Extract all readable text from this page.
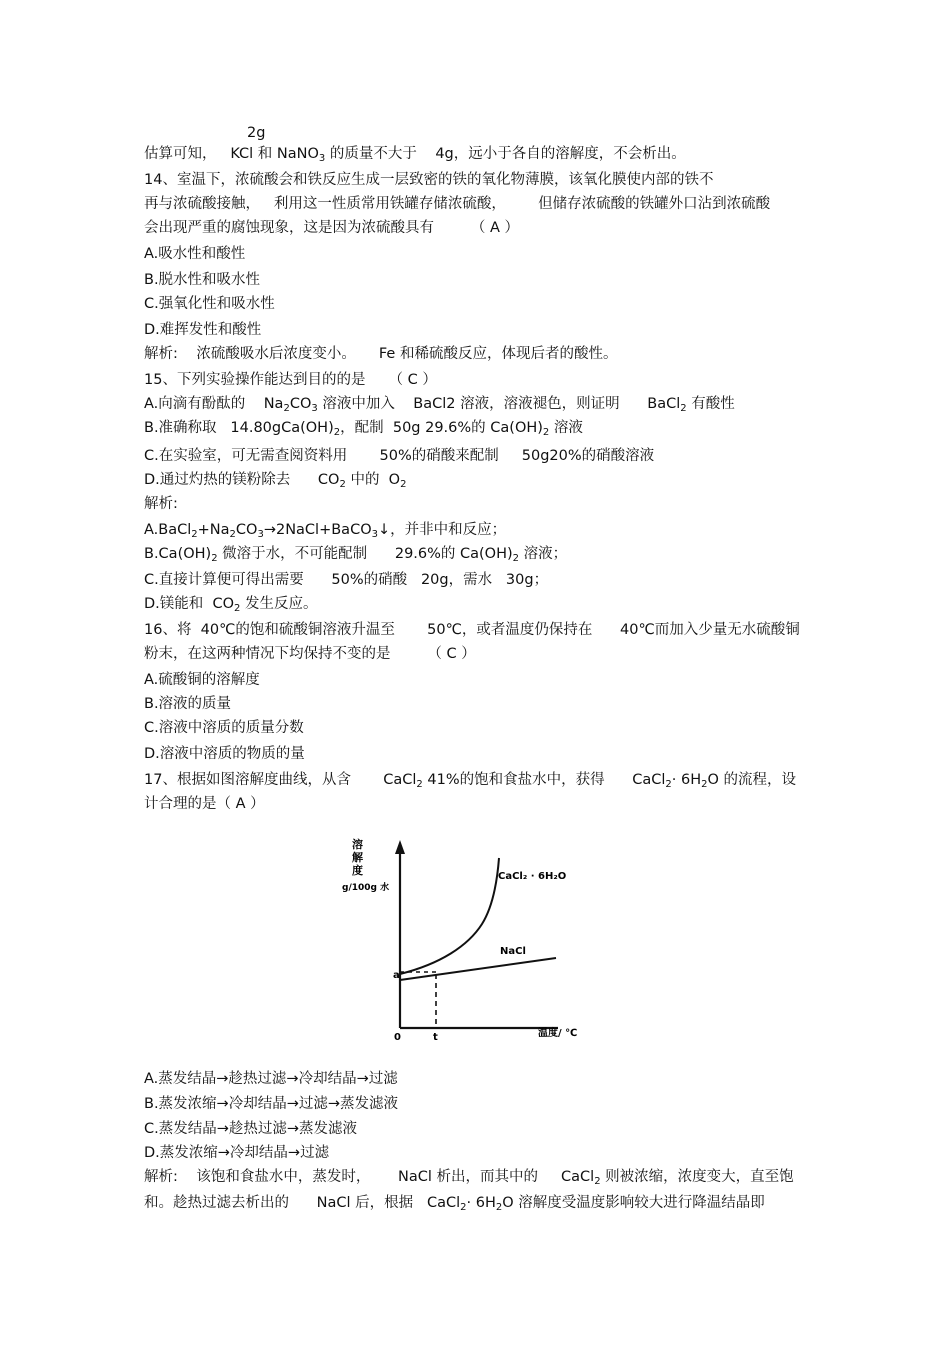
2g
估算可知，   KCl 和 NaNO$_3$ 的质量不大于    4g，远小于各自的溶解度，不会析出。
14、室温下，浓硫酸会和铁反应生成一层致密的铁的氧化物薄膜，该氧化膜使内部的铁不
再与浓硫酸接触，   利用这一性质常用铁罐存储浓硫酸，       但储存浓硫酸的铁罐外口沾到浓硫酸
会出现严重的腐蚀现象，这是因为浓硫酸具有        （ A ）
A.吸水性和酸性
B.脱水性和吸水性
C.强氧化性和吸水性
D.难挥发性和酸性
解析:    浓硫酸吸水后浓度变小。     Fe 和稀硫酸反应，体现后者的酸性。
15、下列实验操作能达到目的的是     （ C ）
A.向滴有酚酞的    $Na_2CO_3$ 溶液中加入    BaCl2 溶液，溶液褪色，则证明      BaCl$_2$ 有酸性
B.准确称取   $14.80gCa(OH)_2$，配制  50g 29.6%的 $Ca(OH)_2$ 溶液
C.在实验室，可无需查阅资料用       50%的硝酸来配制     50g20%的硝酸溶液
D.通过灼热的镁粉除去      $CO_2$ 中的  $O_2$
解析:
$A.BaCl_2+Na_2CO_3\to 2NaCl+BaCO_3↓$，并非中和反应；
$B.Ca(OH)_2$ 微溶于水，不可能配制      29.6%的 $Ca(OH)_2$ 溶液；
C.直接计算便可得出需要      50%的硝酸   20g，需水   30g；
D.镁能和  $CO_2$ 发生反应。
16、将  40℃的饱和硫酸铜溶液升温至       50℃，或者温度仍保持在      40℃而加入少量无水硫酸铜
粉末，在这两种情况下均保持不变的是        （ C ）
A.硫酸铜的溶解度
B.溶液的质量
C.溶液中溶质的质量分数
D.溶液中溶质的物质的量
17、根据如图溶解度曲线，从含       CaCl$_2$ 41%的饱和食盐水中，获得      CaCl$_2$· $6H_2O$ 的流程，设
计合理的是（ A ）
A.蒸发结晶→趁热过滤→冷却结晶→过滤
B.蒸发浓缩→冷却结晶→过滤→蒸发滤液
C.蒸发结晶→趁热过滤→蒸发滤液
D.蒸发浓缩→冷却结晶→过滤
解析:    该饱和食盐水中，蒸发时，      NaCl 析出，而其中的     CaCl$_2$ 则被浓缩，浓度变大，直至饱
和。趁热过滤去析出的      NaCl 后，根据   CaCl$_2$· $6H_2O$ 溶解度受温度影响较大进行降温结晶即
溶
解
度
g/100g 水
CaCl₂ · 6H₂O
NaCl
a
0	t	温度/ ℃
